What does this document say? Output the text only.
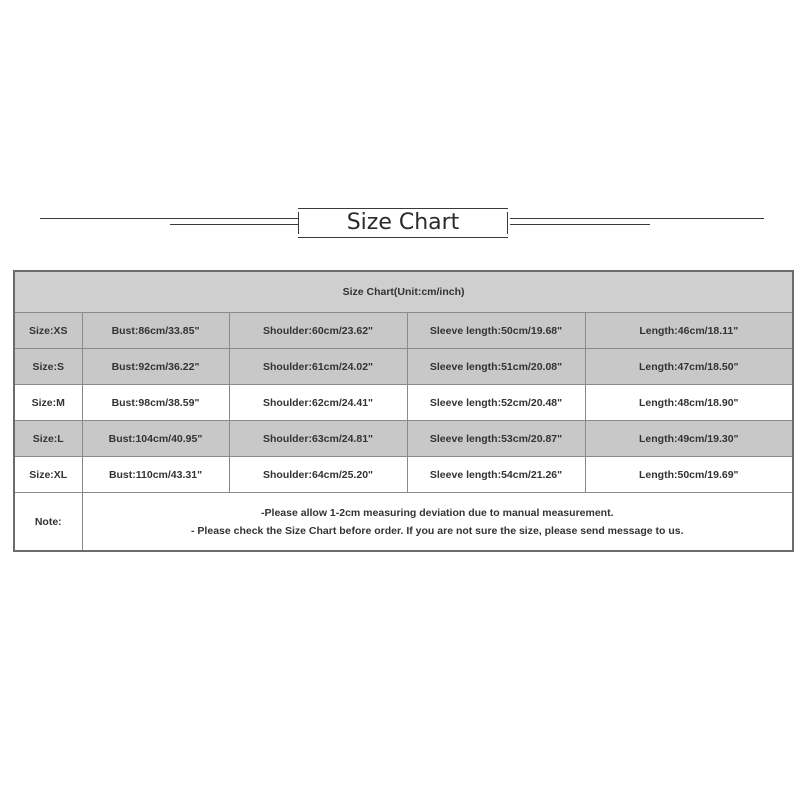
Size Chart
Size Chart(Unit:cm/inch)				
Size:XS	Bust:86cm/33.85"	Shoulder:60cm/23.62"	Sleeve length:50cm/19.68"	Length:46cm/18.11"
Size:S	Bust:92cm/36.22"	Shoulder:61cm/24.02"	Sleeve length:51cm/20.08"	Length:47cm/18.50"
Size:M	Bust:98cm/38.59"	Shoulder:62cm/24.41"	Sleeve length:52cm/20.48"	Length:48cm/18.90"
Size:L	Bust:104cm/40.95"	Shoulder:63cm/24.81"	Sleeve length:53cm/20.87"	Length:49cm/19.30"
Size:XL	Bust:110cm/43.31"	Shoulder:64cm/25.20"	Sleeve length:54cm/21.26"	Length:50cm/19.69"
Note:	-Please allow 1-2cm measuring deviation due to manual measurement.
- Please check the Size Chart before order. If you are not sure the size, please send message to us.			
